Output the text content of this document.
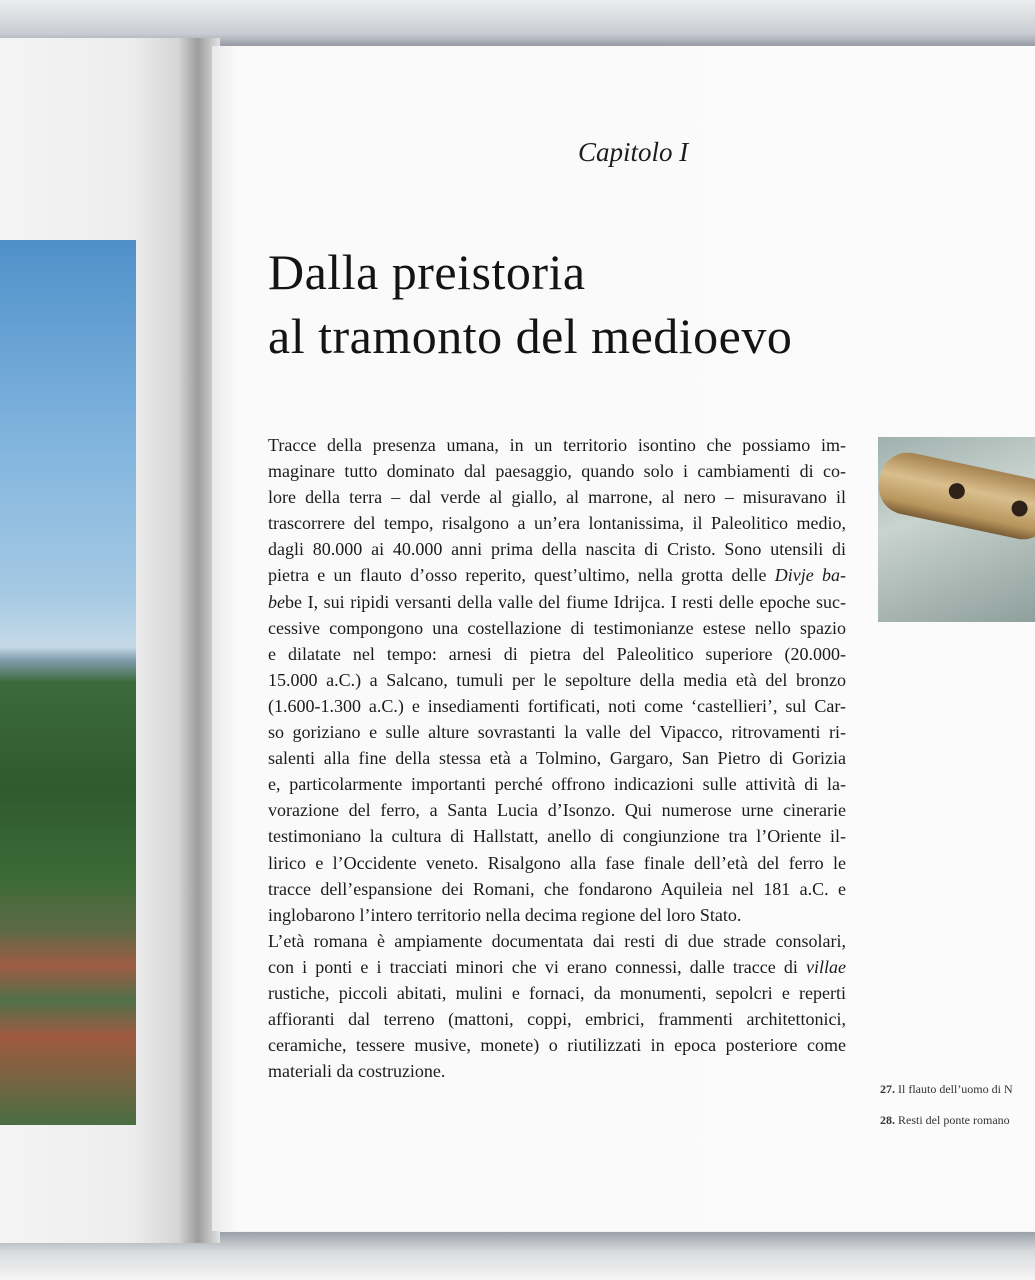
Capitolo I
Dalla preistoria
al tramonto del medioevo
Tracce della presenza umana, in un territorio isontino che possiamo im-
maginare tutto dominato dal paesaggio, quando solo i cambiamenti di co-
lore della terra – dal verde al giallo, al marrone, al nero – misuravano il
trascorrere del tempo, risalgono a un’era lontanissima, il Paleolitico medio,
dagli 80.000 ai 40.000 anni prima della nascita di Cristo. Sono utensili di
pietra e un flauto d’osso reperito, quest’ultimo, nella grotta delle Divje ba-
bebe I, sui ripidi versanti della valle del fiume Idrijca. I resti delle epoche suc-
cessive compongono una costellazione di testimonianze estese nello spazio
e dilatate nel tempo: arnesi di pietra del Paleolitico superiore (20.000-
15.000 a.C.) a Salcano, tumuli per le sepolture della media età del bronzo
(1.600-1.300 a.C.) e insediamenti fortificati, noti come ‘castellieri’, sul Car-
so goriziano e sulle alture sovrastanti la valle del Vipacco, ritrovamenti ri-
salenti alla fine della stessa età a Tolmino, Gargaro, San Pietro di Gorizia
e, particolarmente importanti perché offrono indicazioni sulle attività di la-
vorazione del ferro, a Santa Lucia d’Isonzo. Qui numerose urne cinerarie
testimoniano la cultura di Hallstatt, anello di congiunzione tra l’Oriente il-
lirico e l’Occidente veneto. Risalgono alla fase finale dell’età del ferro le
tracce dell’espansione dei Romani, che fondarono Aquileia nel 181 a.C. e
inglobarono l’intero territorio nella decima regione del loro Stato.
L’età romana è ampiamente documentata dai resti di due strade consolari,
con i ponti e i tracciati minori che vi erano connessi, dalle tracce di villae
rustiche, piccoli abitati, mulini e fornaci, da monumenti, sepolcri e reperti
affioranti dal terreno (mattoni, coppi, embrici, frammenti architettonici,
ceramiche, tessere musive, monete) o riutilizzati in epoca posteriore come
materiali da costruzione.
27. Il flauto dell’uomo di N
28. Resti del ponte romano
